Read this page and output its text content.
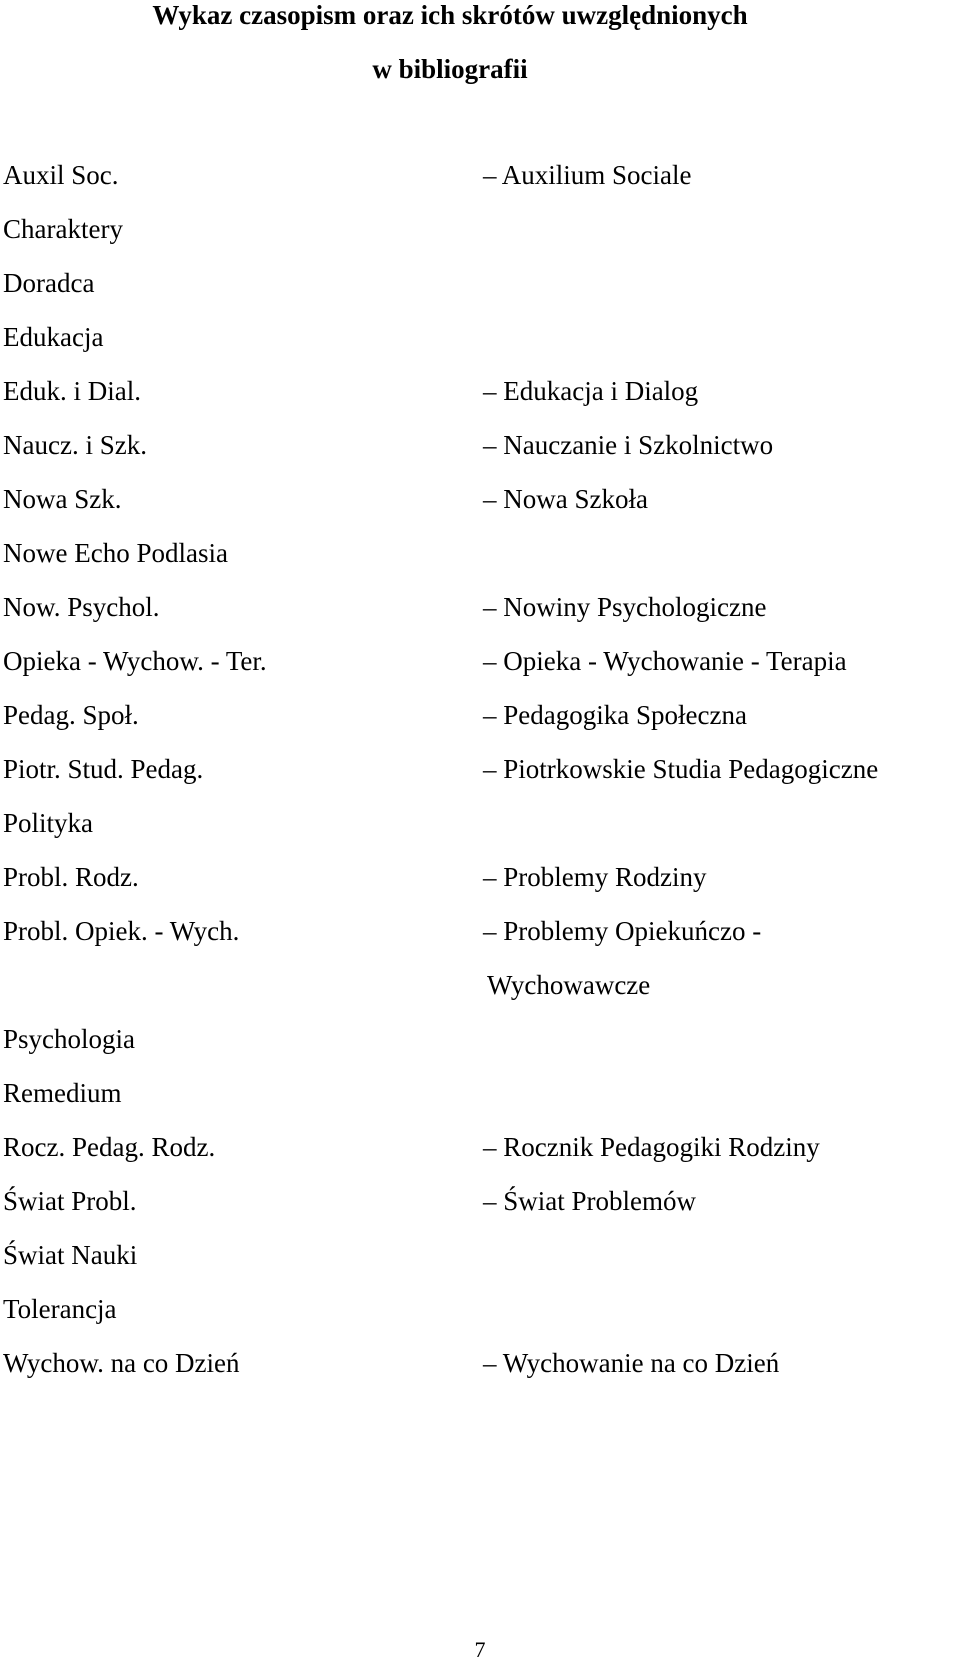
Wykaz czasopism oraz ich skrótów uwzględnionych
w bibliografii
Auxil Soc.	– Auxilium Sociale
Charaktery
Doradca
Edukacja
Eduk. i Dial.	– Edukacja i Dialog
Naucz. i Szk.	– Nauczanie i Szkolnictwo
Nowa Szk.	– Nowa Szkoła
Nowe Echo Podlasia
Now. Psychol.	– Nowiny Psychologiczne
Opieka - Wychow. - Ter.	– Opieka - Wychowanie - Terapia
Pedag. Społ.	– Pedagogika Społeczna
Piotr. Stud. Pedag.	– Piotrkowskie Studia Pedagogiczne
Polityka
Probl. Rodz.	– Problemy Rodziny
Probl. Opiek. - Wych.	– Problemy Opiekuńczo -
Wychowawcze
Psychologia
Remedium
Rocz. Pedag. Rodz.	– Rocznik Pedagogiki Rodziny
Świat Probl.	– Świat Problemów
Świat Nauki
Tolerancja
Wychow. na co Dzień	– Wychowanie na co Dzień
7
